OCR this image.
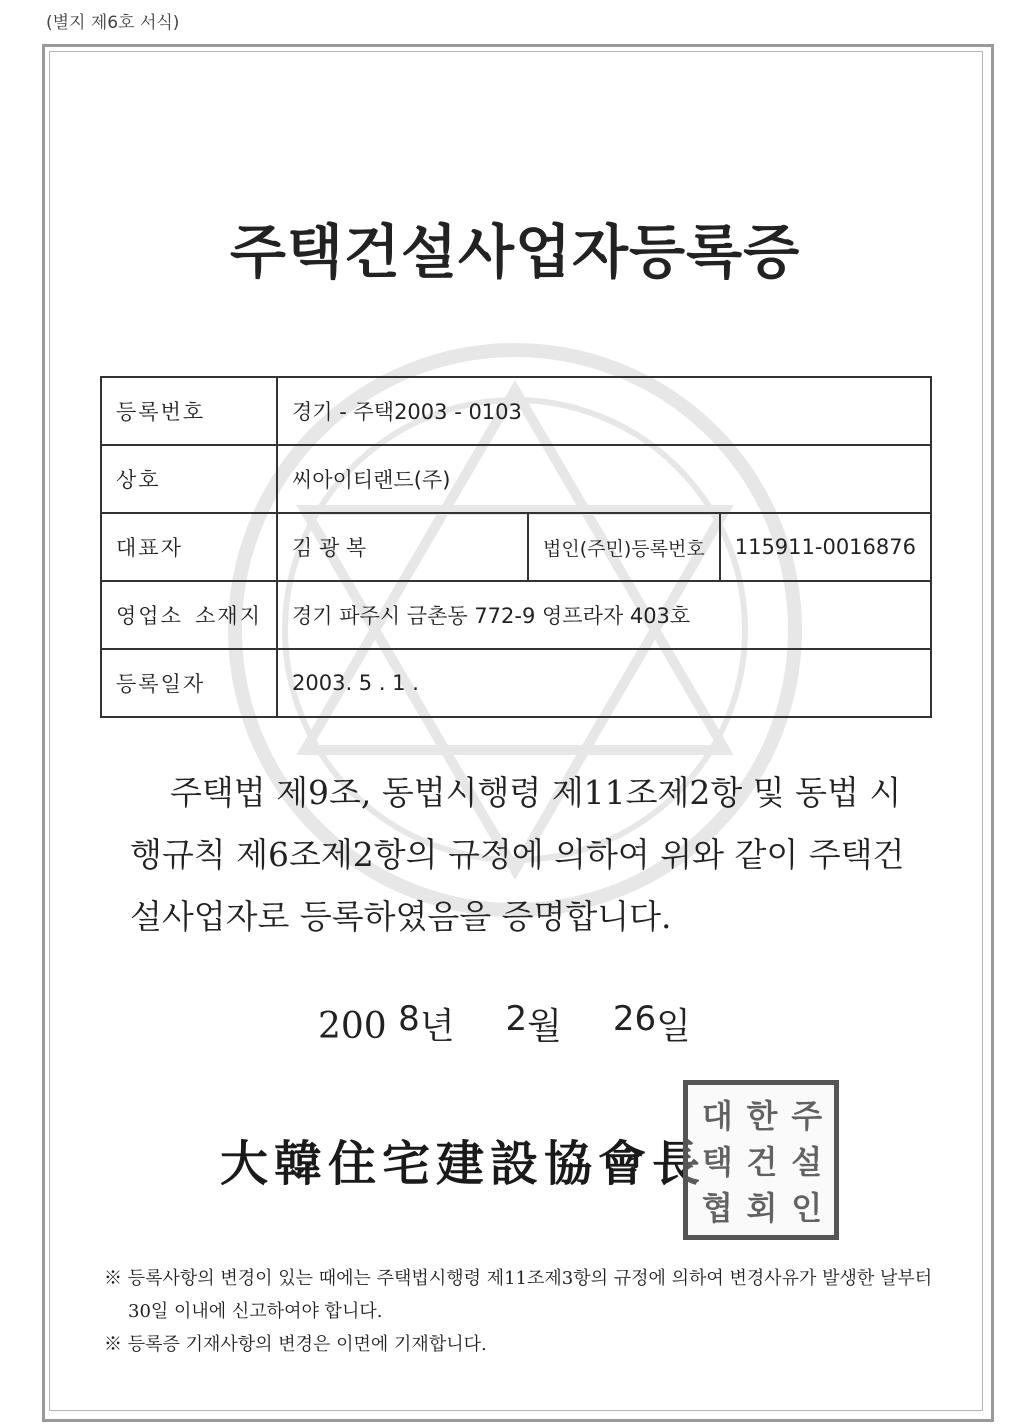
(별지 제6호 서식)
주택건설사업자등록증
등록번호	경기 - 주택2003 - 0103		
상호	씨아이티랜드(주)		
대표자	김 광 복	법인(주민)등록번호	115911-0016876
영업소 소재지	경기 파주시 금촌동 772-9 영프라자 403호		
등록일자	2003. 5 . 1 .		

주택법 제9조, 동법시행령 제11조제2항 및 동법 시행규칙 제6조제2항의 규정에 의하여 위와 같이 주택건설사업자로 등록하였음을 증명합니다.

200 8년 2월 26일
大韓住宅建設協會長
대 한 주
택 건 설
협 회 인

※ 등록사항의 변경이 있는 때에는 주택법시행령 제11조제3항의 규정에 의하여 변경사유가 발생한 날부터 30일 이내에 신고하여야 합니다.

※ 등록증 기재사항의 변경은 이면에 기재합니다.
